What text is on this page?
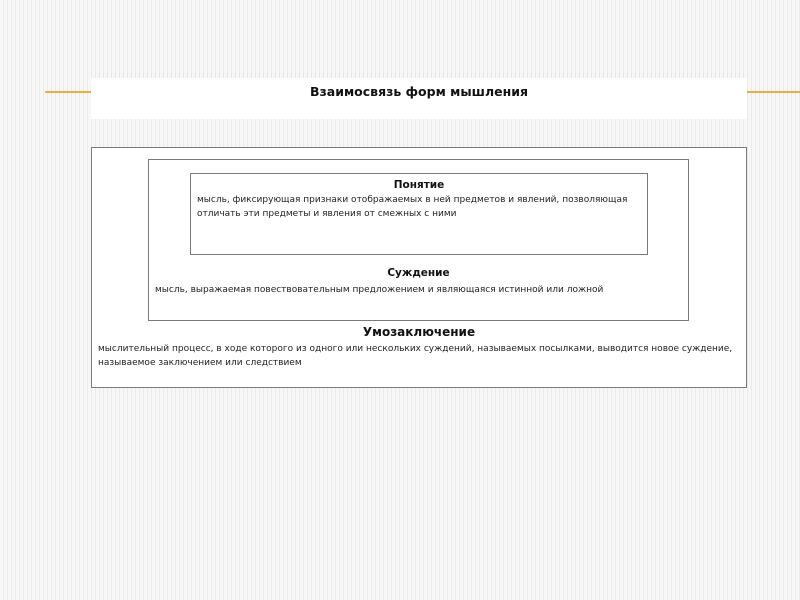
Взаимосвязь форм мышления
Понятие
мысль, фиксирующая признаки отображаемых в ней предметов и явлений, позволяющая отличать эти предметы и явления от смежных с ними
Суждение
мысль, выражаемая повествовательным предложением и являющаяся истинной или ложной
Умозаключение
мыслительный процесс, в ходе которого из одного или нескольких суждений, называемых посылками, выводится новое суждение, называемое заключением или следствием
